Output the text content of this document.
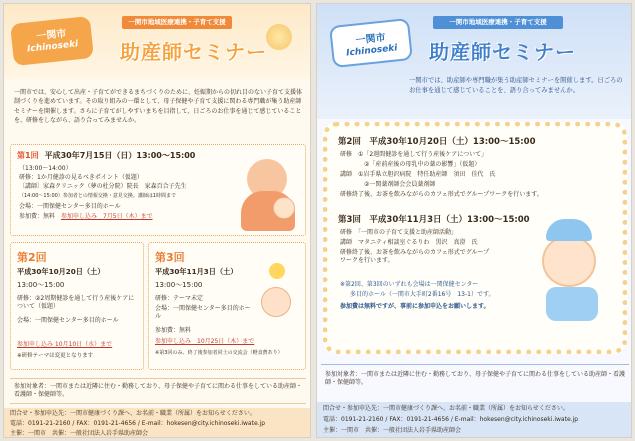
一関市
Ichinoseki
一関市地域医療連携・子育て支援
助産師セミナー
一関市では、安心して出産・子育てができるまちづくりのために、妊娠期からの切れ目のない子育て支援体制づくりを進めています。その取り組みの一環として、母子保健や子育て支援に関わる専門職が集う助産師セミナーを開催します。さらに子育てがしやすいまちを目指して、日ごろのお仕事を通じて感じていることを、研修をしながら、語り合ってみませんか。
第1回 平成30年7月15日（日）13:00～15:00
（13:00～14:00）
研修：1か月健診の見るべきポイント（仮題）
〔講師〕家森クリニック（夢の杜分院）院長　家森百合子先生
（14:00～15:00）参加者との情報交換・意見交換。講師は1時間まで
会場：一関保健センター多目的ホール
参加費：無料 参加申し込み　7月5日（木）まで
第2回
平成30年10月20日（土）
13:00～15:00
研修：②2周期健診を通して行う産後ケアについて（仮題）
会場：一関保健センター多目的ホール
参加申し込み 10月10日（水）まで
※研修テーマは変更となります
第3回
平成30年11月3日（土）
13:00～15:00
研修：テーマ未定
会場：一関保健センター多目的ホール
参加費：無料
参加申し込み　10月25日（木）まで
※第3回のみ、終了後参加者同士の交流会（軽食費あり）
参加対象者：一関市または近隣に住む・勤務しており、母子保健や子育てに関わる仕事をしている助産師・看護師・保健師等。
問合せ・参加申込先：一関市健康づくり課へ、お名前・職業（所属）をお知らせください。
電話：0191-21-2160 / FAX：0191-21-4656 / E-mail：hokesen@city.ichinoseki.iwate.jp
主催：一関市　共催：一般社団法人岩手県助産師会
一関市
Ichinoseki
一関市地域医療連携・子育て支援
助産師セミナー
一関市では、助産師や専門職が集う助産師セミナーを開催します。日ごろのお仕事を通じて感じていることを、語り合ってみませんか。
第2回　平成30年10月20日（土）13:00～15:00
研修　①「2週間健診を通して行う産後ケアについて」
②「産前産後の母乳中の薬の影響」（仮題）
講師　①岩手県立胆沢病院　特任助産師　須田　佳代　氏
②一関薬剤師会会員薬剤師
研修終了後、お茶を飲みながらのカフェ形式でグループワークを行います。
第3回　平成30年11月3日（土）13:00～15:00
研修　「一関市の子育て支援と助産師活動」
講師　マタニティ相談室ぐるりわ　黒沢　真澄　氏
研修終了後、お茶を飲みながらのカフェ形式でグループワークを行います。
※第2回、第3回のいずれも会場は一関保健センター
多目的ホール（一関市大手町2番16号　13-1）です。
参加費は無料ですが、事前に参加申込をお願いします。
参加対象者：一関市または近隣に住む・勤務しており、母子保健や子育てに関わる仕事をしている助産師・看護師・保健師等。
問合せ・参加申込先：一関市健康づくり課へ、お名前・職業（所属）をお知らせください。
電話：0191-21-2160 / FAX：0191-21-4656 / E-mail：hokesen@city.ichinoseki.iwate.jp
主催：一関市　共催：一般社団法人岩手県助産師会
